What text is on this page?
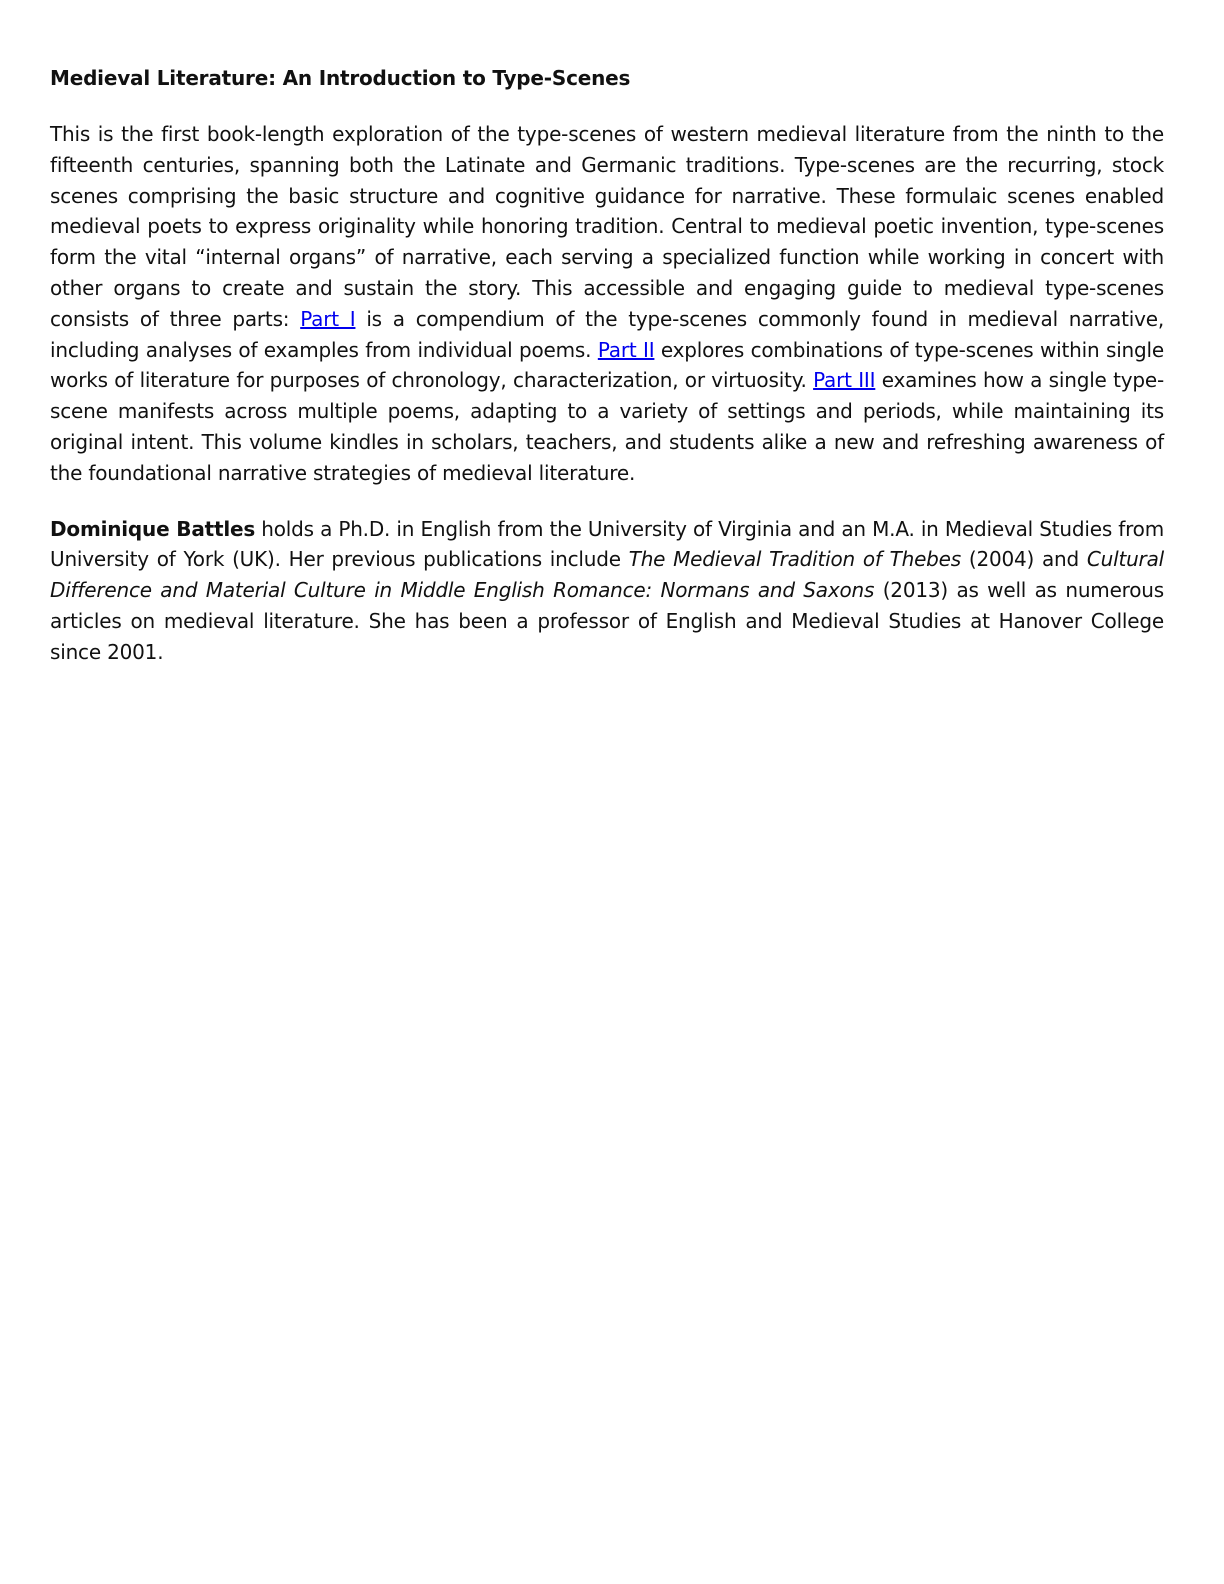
Medieval Literature: An Introduction to Type-Scenes

This is the first book-length exploration of the type-scenes of western medieval literature from the ninth to the fifteenth centuries, spanning both the Latinate and Germanic traditions. Type-scenes are the recurring, stock scenes comprising the basic structure and cognitive guidance for narrative. These formulaic scenes enabled medieval poets to express originality while honoring tradition. Central to medieval poetic invention, type-scenes form the vital “internal organs” of narrative, each serving a specialized function while working in concert with other organs to create and sustain the story. This accessible and engaging guide to medieval type-scenes consists of three parts: Part I is a compendium of the type-scenes commonly found in medieval narrative, including analyses of examples from individual poems. Part II explores combinations of type-scenes within single works of literature for purposes of chronology, characterization, or virtuosity. Part III examines how a single type-scene manifests across multiple poems, adapting to a variety of settings and periods, while maintaining its original intent. This volume kindles in scholars, teachers, and students alike a new and refreshing awareness of the foundational narrative strategies of medieval literature.

Dominique Battles holds a Ph.D. in English from the University of Virginia and an M.A. in Medieval Studies from University of York (UK). Her previous publications include The Medieval Tradition of Thebes (2004) and Cultural Difference and Material Culture in Middle English Romance: Normans and Saxons (2013) as well as numerous articles on medieval literature. She has been a professor of English and Medieval Studies at Hanover College since 2001.
